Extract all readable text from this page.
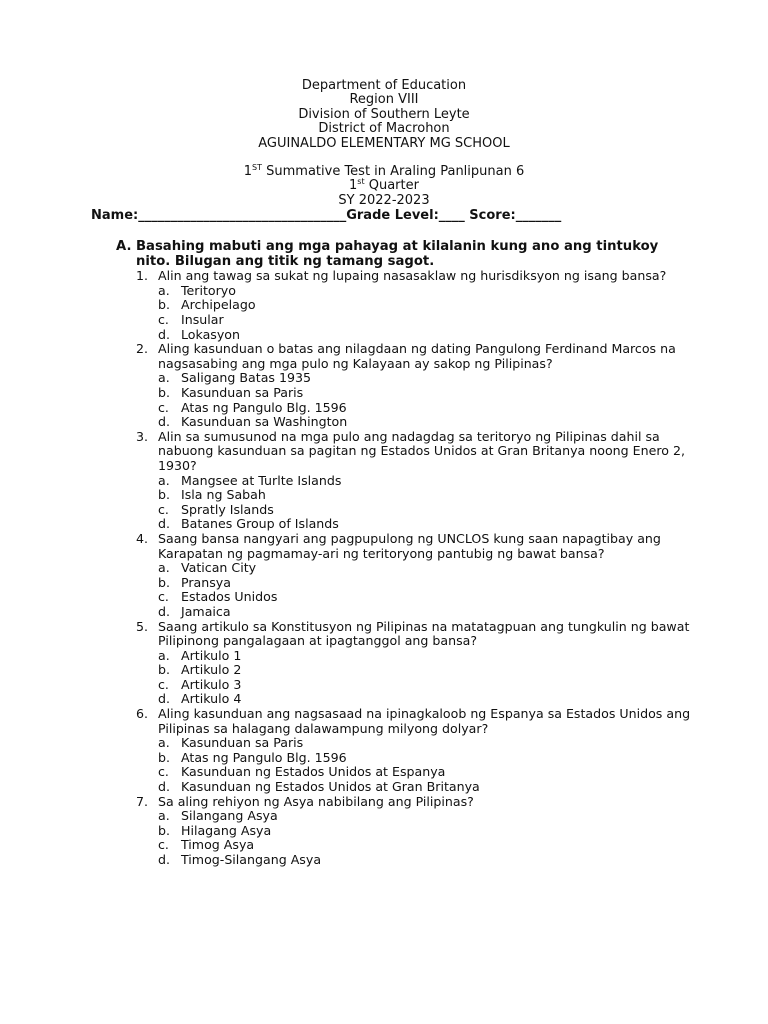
Department of Education
Region VIII
Division of Southern Leyte
District of Macrohon
AGUINALDO ELEMENTARY MG SCHOOL
1ST Summative Test in Araling Panlipunan 6
1st Quarter
SY 2022-2023
Name:________________________________Grade Level:____ Score:_______
A. Basahing mabuti ang mga pahayag at kilalanin kung ano ang tintukoy nito. Bilugan ang titik ng tamang sagot.
1. Alin ang tawag sa sukat ng lupaing nasasaklaw ng hurisdiksyon ng isang bansa?
a. Teritoryo
b. Archipelago
c. Insular
d. Lokasyon
2. Aling kasunduan o batas ang nilagdaan ng dating Pangulong Ferdinand Marcos na nagsasabing ang mga pulo ng Kalayaan ay sakop ng Pilipinas?
a. Saligang Batas 1935
b. Kasunduan sa Paris
c. Atas ng Pangulo Blg. 1596
d. Kasunduan sa Washington
3. Alin sa sumusunod na mga pulo ang nadagdag sa teritoryo ng Pilipinas dahil sa nabuong kasunduan sa pagitan ng Estados Unidos at Gran Britanya noong Enero 2, 1930?
a. Mangsee at Turlte Islands
b. Isla ng Sabah
c. Spratly Islands
d. Batanes Group of Islands
4. Saang bansa nangyari ang pagpupulong ng UNCLOS kung saan napagtibay ang Karapatan ng pagmamay-ari ng teritoryong pantubig ng bawat bansa?
a. Vatican City
b. Pransya
c. Estados Unidos
d. Jamaica
5. Saang artikulo sa Konstitusyon ng Pilipinas na matatagpuan ang tungkulin ng bawat Pilipinong pangalagaan at ipagtanggol ang bansa?
a. Artikulo 1
b. Artikulo 2
c. Artikulo 3
d. Artikulo 4
6. Aling kasunduan ang nagsasaad na ipinagkaloob ng Espanya sa Estados Unidos ang Pilipinas sa halagang dalawampung milyong dolyar?
a. Kasunduan sa Paris
b. Atas ng Pangulo Blg. 1596
c. Kasunduan ng Estados Unidos at Espanya
d. Kasunduan ng Estados Unidos at Gran Britanya
7. Sa aling rehiyon ng Asya nabibilang ang Pilipinas?
a. Silangang Asya
b. Hilagang Asya
c. Timog Asya
d. Timog-Silangang Asya
